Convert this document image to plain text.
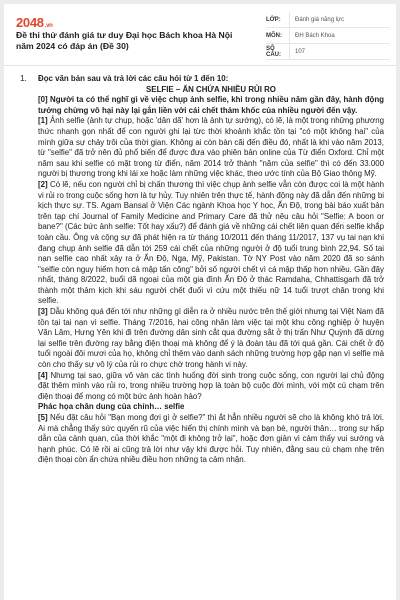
2048.vn
Đề thi thử đánh giá tư duy Đại học Bách khoa Hà Nội năm 2024 có đáp án (Đề 30)
LỚP:	Đánh giá năng lực
MÔN:	ĐH Bách Khoa
SỐ CÂU:	107
1. Đọc văn bản sau và trả lời các câu hỏi từ 1 đến 10:

SELFIE – ẨN CHỨA NHIỀU RỦI RO

[0] Người ta có thể nghĩ gì về việc chụp ảnh selfie, khi trong nhiều năm gần đây, hành động tưởng chừng vô hại này lại gắn liền với cái chết thảm khốc của nhiều người đến vậy.

[1] Ảnh selfie (ảnh tự chụp, hoặc 'dân dã' hơn là ảnh tự sướng), có lẽ, là một trong những phương thức nhanh gọn nhất để con người ghi lại từc thời khoảnh khắc tồn tại "có một không hai" của mình giữa sự chảy trôi của thời gian. Không ai còn bàn cãi đến điều đó, nhất là khi vào năm 2013, từ "selfie" đã trở nên đủ phổ biến để được đưa vào phiên bản online của Từ điển Oxford. Chỉ một năm sau khi selfie có mặt trong từ điển, năm 2014 trở thành "năm của selfie" thì có đến 33.000 người bị thương trong khi lái xe hoặc làm những việc khác, theo ước tính của Bộ Giao thông Mỹ.

[2] Có lẽ, nếu con người chỉ bị chấn thương thì việc chụp ảnh selfie vẫn còn được coi là một hành vi rủi ro trong cuộc sống hơn là tự hủy. Tuy nhiên trên thực tế, hành động này đã dẫn đến những bi kịch thực sự. TS. Agam Bansal ở Viện Các ngành Khoa học Y học, Ấn Độ, trong bài báo xuất bản trên tạp chí Journal of Family Medicine and Primary Care đã thử nêu câu hỏi "Selfie: A boon or bane?" (Các bức ảnh selfie: Tốt hay xấu?) để đánh giá về những cái chết liên quan đến selfie khắp toàn cầu. Ông và cộng sự đã phát hiện ra từ tháng 10/2011 đến tháng 11/2017, 137 vụ tai nạn khi đang chụp ảnh selfie đã dẫn tới 259 cái chết của những người ở độ tuổi trung bình 22,94. Số tai nạn selfie cao nhất xảy ra ở Ấn Độ, Nga, Mỹ, Pakistan. Tờ NY Post vào năm 2020 đã so sánh "selfie còn nguy hiểm hơn cá mập tấn công" bởi số người chết vì cá mập thấp hơn nhiều. Gần đây nhất, tháng 8/2022, buổi dã ngoại của một gia đình Ấn Độ ở thác Ramdaha, Chhattisgarh đã trở thành một thảm kịch khi sáu người chết đuối vì cứu một thiếu nữ 14 tuổi trượt chân trong khi selfie.

[3] Dẫu không quá đến tới như những gì diễn ra ở nhiều nước trên thế giới nhưng tại Việt Nam đã tồn tại tai nạn vì selfie. Tháng 7/2016, hai công nhân làm việc tại một khu công nghiệp ở huyện Văn Lâm, Hưng Yên khi đi trên đường dân sinh cắt qua đường sắt ở thị trấn Như Quỳnh đã dừng lại selfie trên đường ray bằng điện thoại mà không để ý là đoàn tàu đã tới quá gần. Cái chết ở độ tuổi ngoài đôi mươi của họ, không chỉ thêm vào danh sách những trường hợp gặp nạn vì selfie mà còn cho thấy sự vô lý của rủi ro chực chờ trong hành vi này.

[4] Nhưng tại sao, giữa vô vàn các tình huống đời sinh trong cuộc sống, con người lại chủ động đặt thêm mình vào rủi ro, trong nhiều trường hợp là toàn bộ cuộc đời mình, với một cú chạm trên điện thoại để mong có một bức ảnh hoàn hảo?

Phác họa chân dung của chính… selfie

[5] Nếu đặt câu hỏi "Bạn mong đợi gì ở selfie?" thì ắt hẳn nhiều người sẽ cho là không khó trả lời. Ai mà chẳng thấy sức quyến rũ của việc hiển thị chính mình và bạn bè, người thân… trong sự hấp dẫn của cảnh quan, của thời khắc "một đi không trở lại", hoặc đơn giản vì cảm thấy vui sướng và hạnh phúc. Có lẽ rồi ai cũng trả lời như vậy khi được hỏi. Tuy nhiên, đằng sau cú chạm nhẹ trên điện thoại còn ẩn chứa nhiều điều hơn những ta cảm nhận.
